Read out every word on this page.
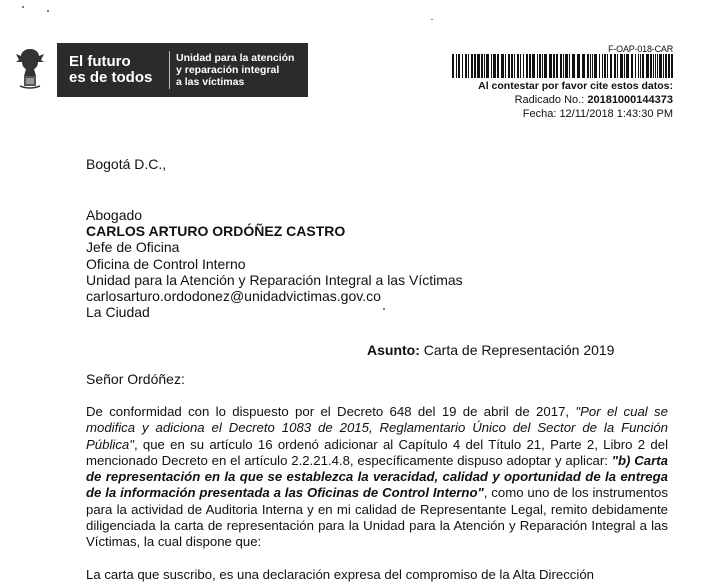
El futuro
es de todos
Unidad para la atención
y reparación integral
a las víctimas
F-OAP-018-CAR
Al contestar por favor cite estos datos:
Radicado No.: 20181000144373
Fecha: 12/11/2018 1:43:30 PM
Bogotá D.C.,
Abogado
CARLOS ARTURO ORDÓÑEZ CASTRO
Jefe de Oficina
Oficina de Control Interno
Unidad para la Atención y Reparación Integral a las Víctimas
carlosarturo.ordodonez@unidadvictimas.gov.co
La Ciudad
Asunto: Carta de Representación 2019
Señor Ordóñez:
De conformidad con lo dispuesto por el Decreto 648 del 19 de abril de 2017, "Por el cual se modifica y adiciona el Decreto 1083 de 2015, Reglamentario Único del Sector de la Función Pública", que en su artículo 16 ordenó adicionar al Capítulo 4 del Título 21, Parte 2, Libro 2 del mencionado Decreto en el artículo 2.2.21.4.8, específicamente dispuso adoptar y aplicar: "b) Carta de representación en la que se establezca la veracidad, calidad y oportunidad de la entrega de la información presentada a las Oficinas de Control Interno", como uno de los instrumentos para la actividad de Auditoria Interna y en mi calidad de Representante Legal, remito debidamente diligenciada la carta de representación para la Unidad para la Atención y Reparación Integral a las Víctimas, la cual dispone que:
La carta que suscribo, es una declaración expresa del compromiso de la Alta Dirección
